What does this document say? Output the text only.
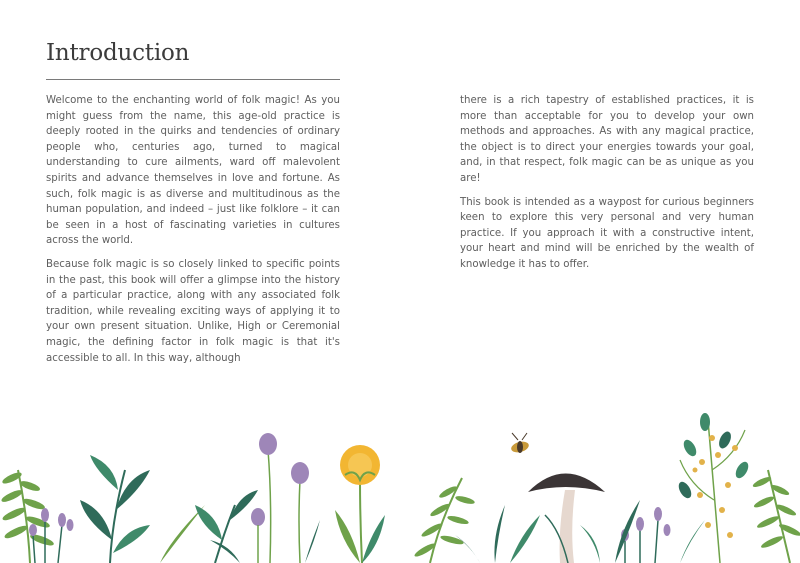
Introduction

Welcome to the enchanting world of folk magic! As you might guess from the name, this age-old practice is deeply rooted in the quirks and tendencies of ordinary people who, centuries ago, turned to magical understanding to cure ailments, ward off malevolent spirits and advance themselves in love and fortune. As such, folk magic is as diverse and multitudinous as the human population, and indeed – just like folklore – it can be seen in a host of fascinating varieties in cultures across the world.

Because folk magic is so closely linked to specific points in the past, this book will offer a glimpse into the history of a particular practice, along with any associated folk tradition, while revealing exciting ways of applying it to your own present situation. Unlike, High or Ceremonial magic, the defining factor in folk magic is that it's accessible to all. In this way, although

there is a rich tapestry of established practices, it is more than acceptable for you to develop your own methods and approaches. As with any magical practice, the object is to direct your energies towards your goal, and, in that respect, folk magic can be as unique as you are!

This book is intended as a waypost for curious beginners keen to explore this very personal and very human practice. If you approach it with a constructive intent, your heart and mind will be enriched by the wealth of knowledge it has to offer.
